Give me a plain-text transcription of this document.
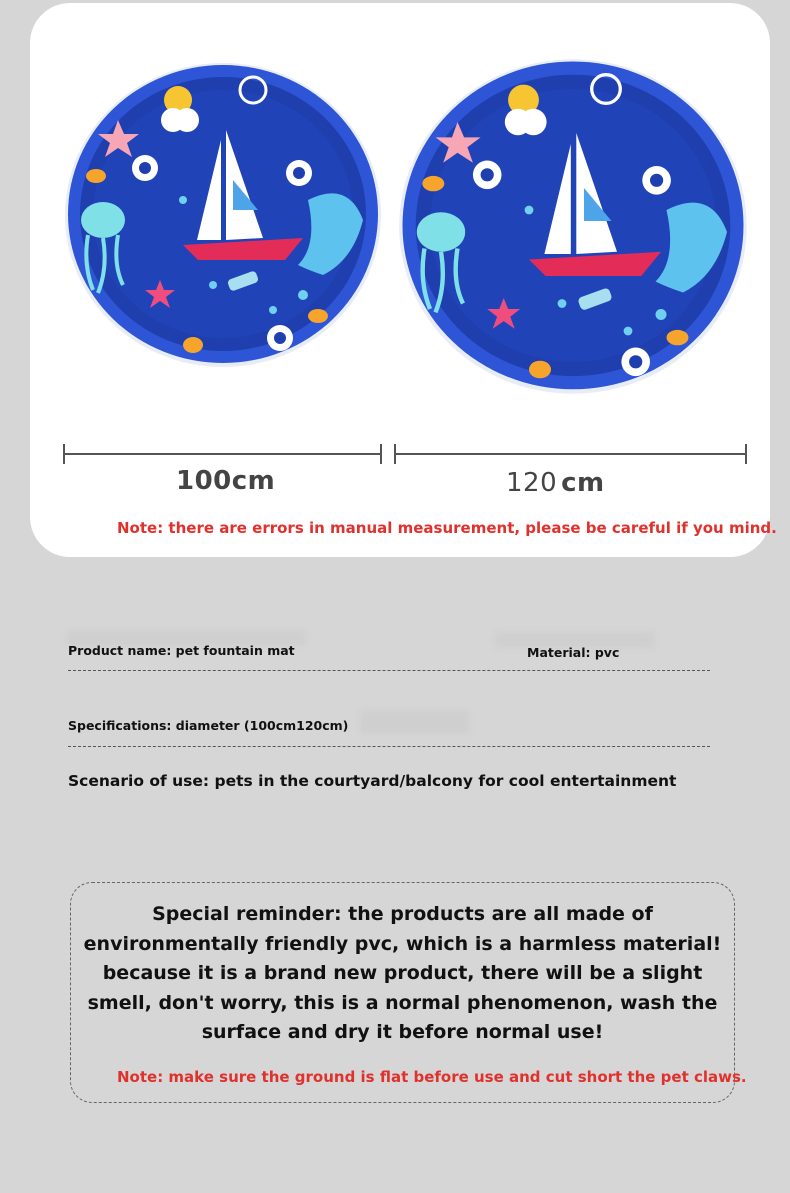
100cm	120 cm
Note: there are errors in manual measurement, please be careful if you mind.
Product name: pet fountain mat	Material: pvc
Specifications: diameter (100cm120cm)
Scenario of use: pets in the courtyard/balcony for cool entertainment
Special reminder: the products are all made of environmentally friendly pvc, which is a harmless material! because it is a brand new product, there will be a slight smell, don't worry, this is a normal phenomenon, wash the surface and dry it before normal use!
Note: make sure the ground is flat before use and cut short the pet claws.
